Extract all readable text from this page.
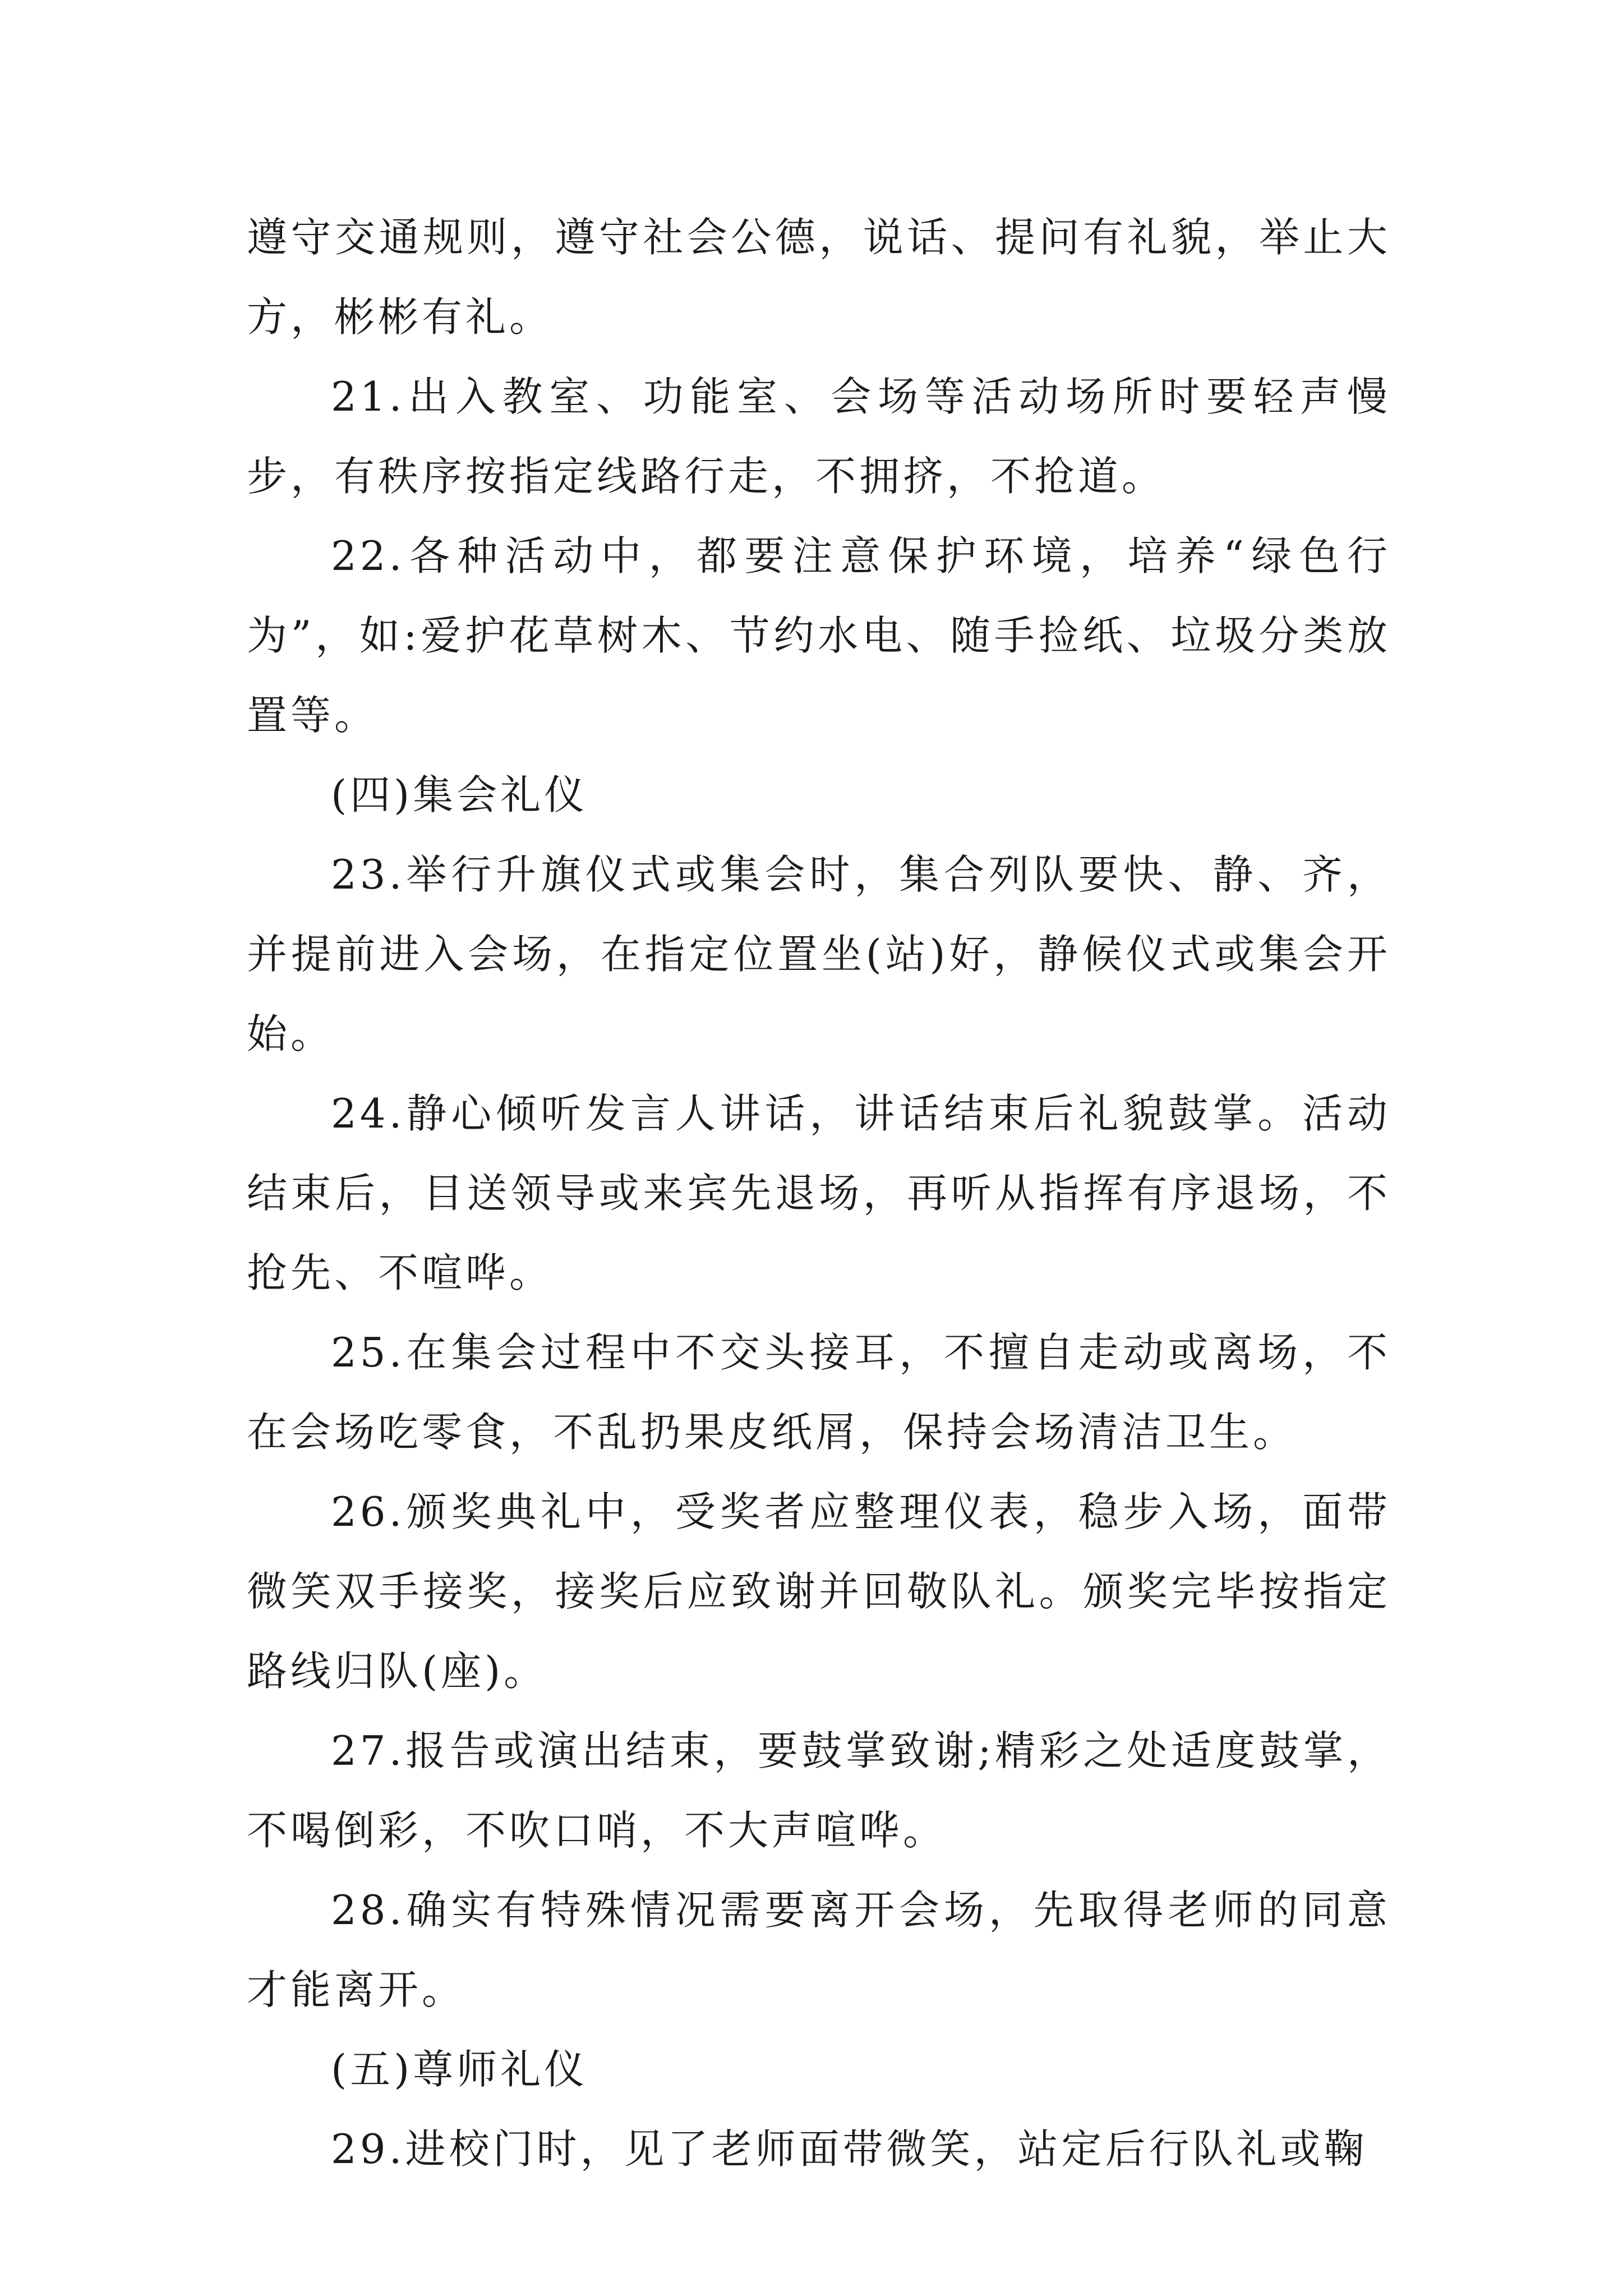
遵守交通规则，遵守社会公德，说话、提问有礼貌，举止大方，彬彬有礼。

21.出入教室、功能室、会场等活动场所时要轻声慢步，有秩序按指定线路行走，不拥挤，不抢道。

22.各种活动中，都要注意保护环境，培养“绿色行为”，如:爱护花草树木、节约水电、随手捡纸、垃圾分类放置等。

(四)集会礼仪

23.举行升旗仪式或集会时，集合列队要快、静、齐，并提前进入会场，在指定位置坐(站)好，静候仪式或集会开始。

24.静心倾听发言人讲话，讲话结束后礼貌鼓掌。活动结束后，目送领导或来宾先退场，再听从指挥有序退场，不抢先、不喧哗。

25.在集会过程中不交头接耳，不擅自走动或离场，不在会场吃零食，不乱扔果皮纸屑，保持会场清洁卫生。

26.颁奖典礼中，受奖者应整理仪表，稳步入场，面带微笑双手接奖，接奖后应致谢并回敬队礼。颁奖完毕按指定路线归队(座)。

27.报告或演出结束，要鼓掌致谢;精彩之处适度鼓掌，不喝倒彩，不吹口哨，不大声喧哗。

28.确实有特殊情况需要离开会场，先取得老师的同意才能离开。

(五)尊师礼仪

29.进校门时，见了老师面带微笑，站定后行队礼或鞠
